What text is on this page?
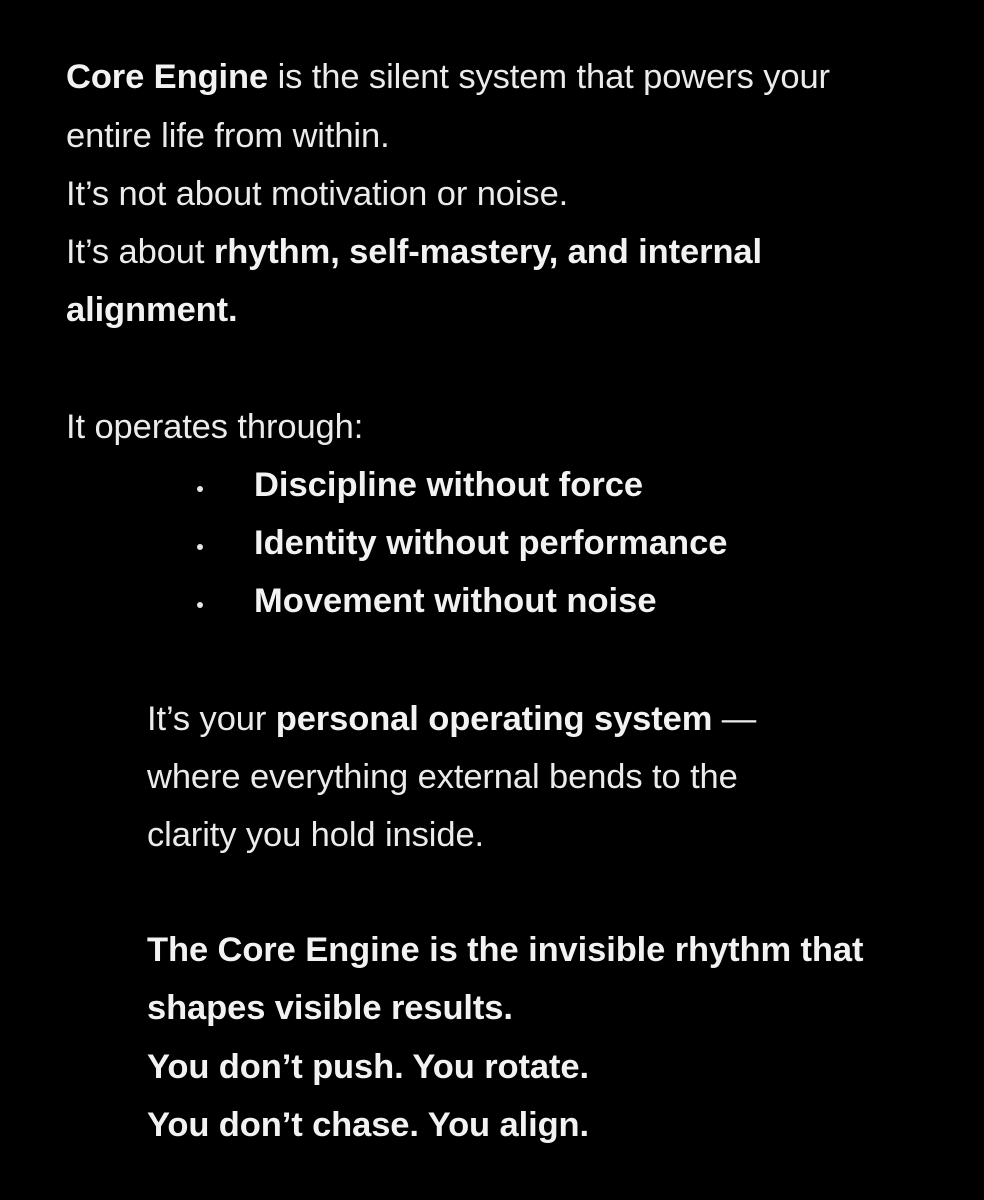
Core Engine is the silent system that powers your
entire life from within.
It’s not about motivation or noise.
It’s about rhythm, self-mastery, and internal
alignment.
It operates through:
Discipline without force
Identity without performance
Movement without noise
It’s your personal operating system —
where everything external bends to the
clarity you hold inside.
The Core Engine is the invisible rhythm that
shapes visible results.
You don’t push. You rotate.
You don’t chase. You align.
